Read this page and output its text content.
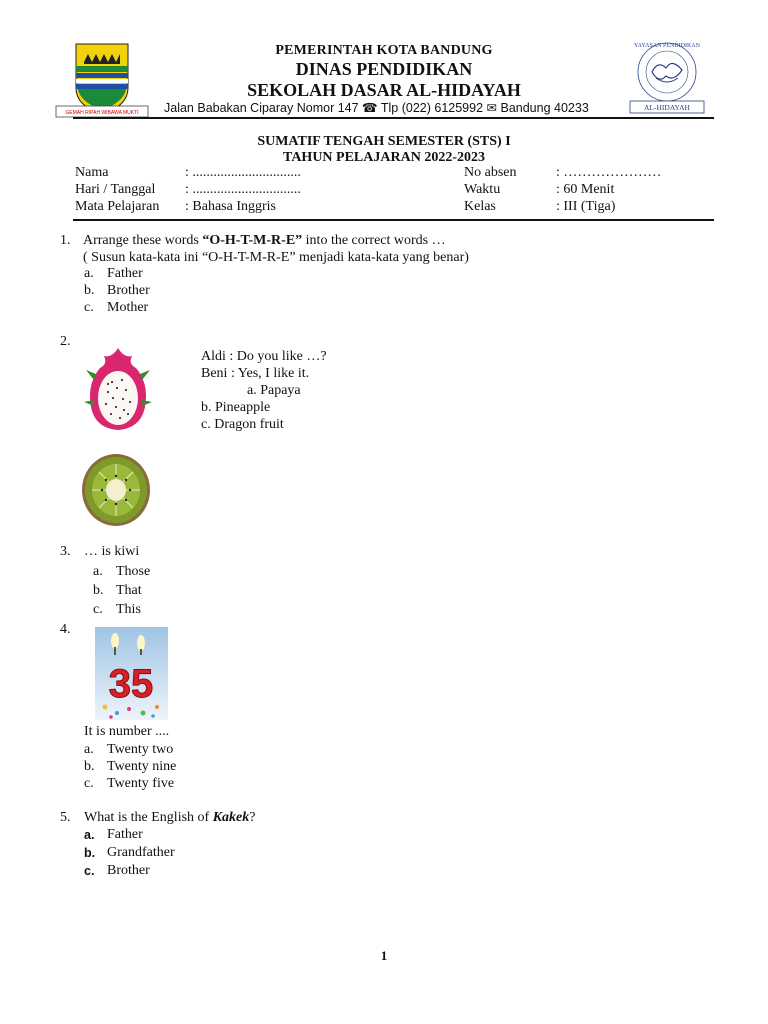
GEMAH RIPAH WIBAWA MUKTI
YAYASAN PENDIDIKAN
AL-HIDAYAH
PEMERINTAH KOTA BANDUNG
DINAS PENDIDIKAN
SEKOLAH DASAR AL-HIDAYAH
Jalan Babakan Ciparay Nomor 147 ☎ Tlp (022) 6125992 ✉ Bandung 40233
SUMATIF TENGAH SEMESTER (STS) I
TAHUN PELAJARAN 2022-2023
Nama	: ...............................	No absen	: …………………
Hari / Tanggal : ...............................	Waktu	: 60 Menit
Mata Pelajaran : Bahasa Inggris	Kelas	: III (Tiga)
1. Arrange these words “O-H-T-M-R-E” into the correct words …
( Susun kata-kata ini “O-H-T-M-R-E” menjadi kata-kata yang benar)
a. Father
b. Brother
c. Mother
2.
Aldi : Do you like …?
Beni : Yes, I like it.
a. Papaya
b. Pineapple
c. Dragon fruit
3. … is kiwi
a. Those
b. That
c. This
4.
35
It is number ....
a. Twenty two
b. Twenty nine
c. Twenty five
5. What is the English of Kakek?
a. Father
b. Grandfather
c. Brother
1
